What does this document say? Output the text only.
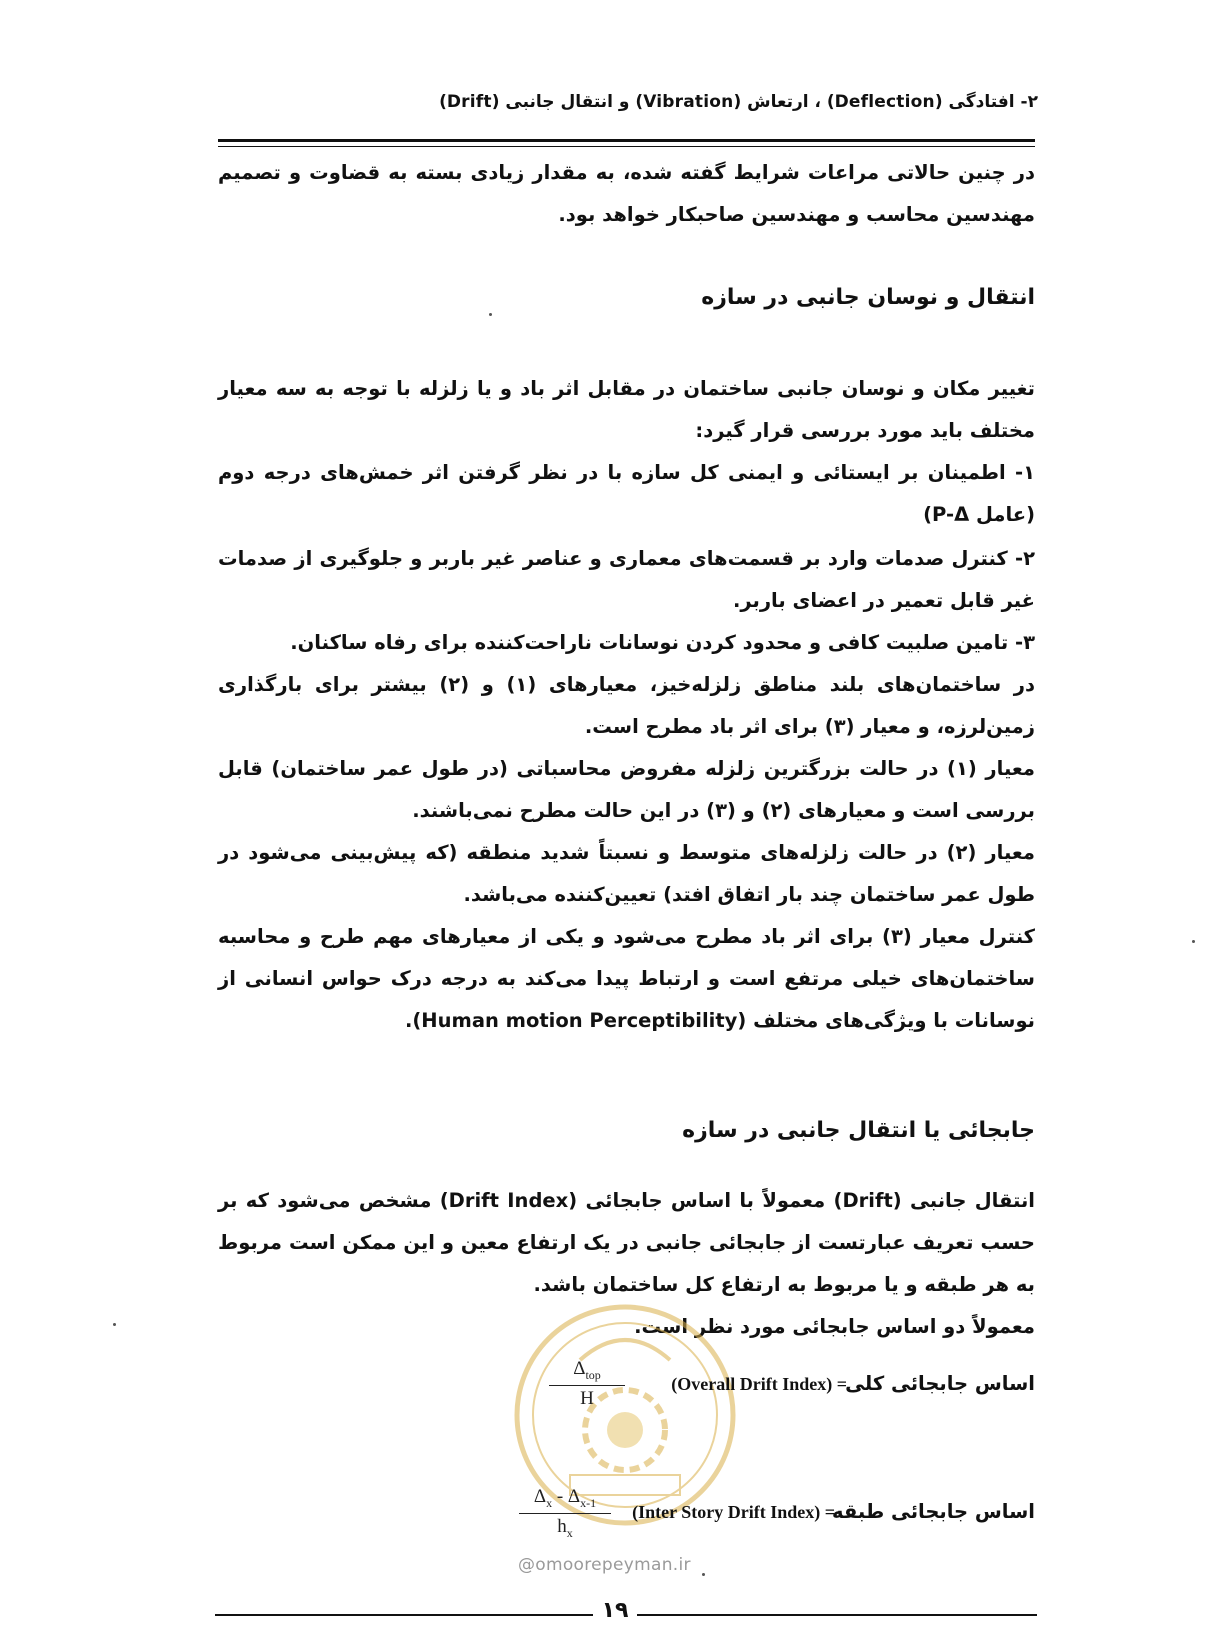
۲- افتادگی (Deflection) ، ارتعاش (Vibration) و انتقال جانبی (Drift)
در چنین حالاتی مراعات شرایط گفته شده، به مقدار زیادی بسته به قضاوت و تصمیم مهندسین محاسب و مهندسین صاحبکار خواهد بود.
انتقال و نوسان جانبی در سازه
تغییر مکان و نوسان جانبی ساختمان در مقابل اثر باد و یا زلزله با توجه به سه معیار مختلف باید مورد بررسی قرار گیرد:
۱- اطمینان بر ایستائی و ایمنی کل سازه با در نظر گرفتن اثر خمش‌های درجه دوم (عامل P-Δ)
۲- کنترل صدمات وارد بر قسمت‌های معماری و عناصر غیر باربر و جلوگیری از صدمات غیر قابل تعمیر در اعضای باربر.
۳- تامین صلبیت کافی و محدود کردن نوسانات ناراحت‌کننده برای رفاه ساکنان.
در ساختمان‌های بلند مناطق زلزله‌خیز، معیارهای (۱) و (۲) بیشتر برای بارگذاری زمین‌لرزه، و معیار (۳) برای اثر باد مطرح است.
معیار (۱) در حالت بزرگترین زلزله مفروض محاسباتی (در طول عمر ساختمان) قابل بررسی است و معیارهای (۲) و (۳) در این حالت مطرح نمی‌باشند.
معیار (۲) در حالت زلزله‌های متوسط و نسبتاً شدید منطقه (که پیش‌بینی می‌شود در طول عمر ساختمان چند بار اتفاق افتد) تعیین‌کننده می‌باشد.
کنترل معیار (۳) برای اثر باد مطرح می‌شود و یکی از معیارهای مهم طرح و محاسبه ساختمان‌های خیلی مرتفع است و ارتباط پیدا می‌کند به درجه درک حواس انسانی از نوسانات با ویژگی‌های مختلف (Human motion Perceptibility).
جابجائی یا انتقال جانبی در سازه
انتقال جانبی (Drift) معمولاً با اساس جابجائی (Drift Index) مشخص می‌شود که بر حسب تعریف عبارتست از جابجائی جانبی در یک ارتفاع معین و این ممکن است مربوط به هر طبقه و یا مربوط به ارتفاع کل ساختمان باشد.
معمولاً دو اساس جابجائی مورد نظر است.
اساس جابجائی کلی
(Overall Drift Index) =
$\Delta_{top}$
H
اساس جابجائی طبقه
(Inter Story Drift Index) =
$\frac{\Delta_x - \Delta_{x-1}}{h_x}$
@omoorepeyman.ir
۱۹
